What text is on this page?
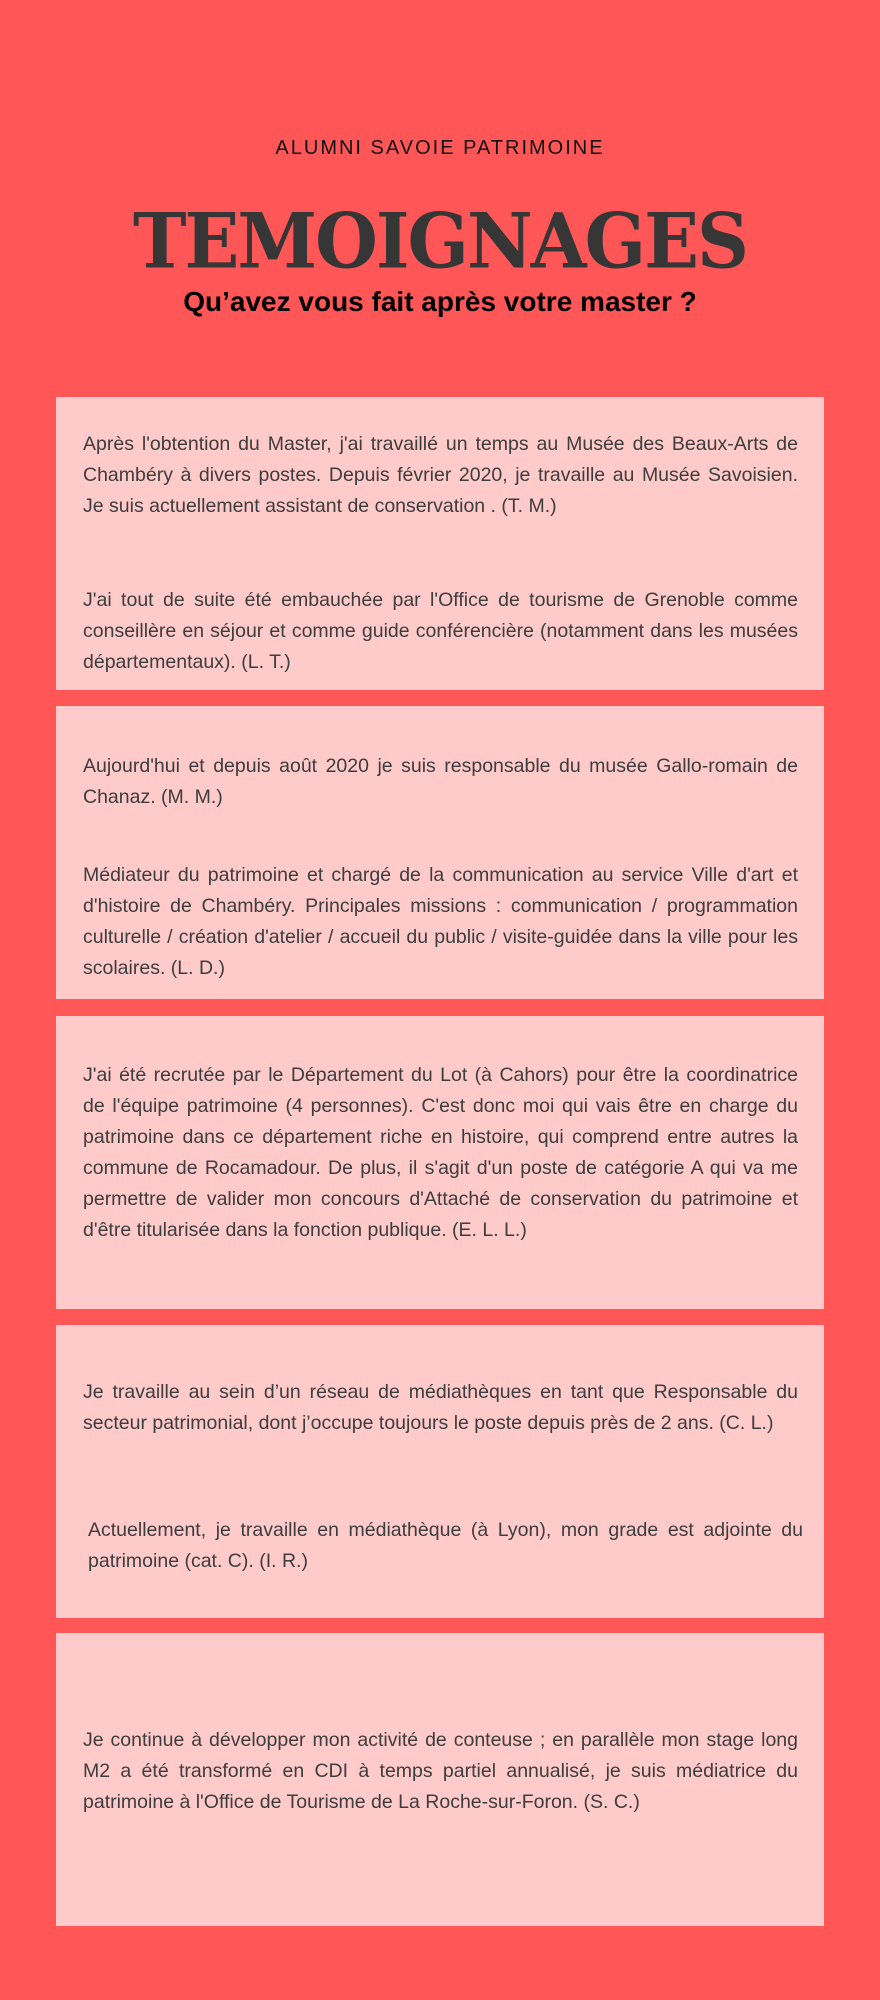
ALUMNI SAVOIE PATRIMOINE
TEMOIGNAGES
Qu’avez vous fait après votre master ?

Après l'obtention du Master, j'ai travaillé un temps au Musée des Beaux-Arts de Chambéry à divers postes. Depuis février 2020, je travaille au Musée Savoisien. Je suis actuellement assistant de conservation . (T. M.)

J'ai tout de suite été embauchée par l'Office de tourisme de Grenoble comme conseillère en séjour et comme guide conférencière (notamment dans les musées départementaux). (L. T.)

Aujourd'hui et depuis août 2020 je suis responsable du musée Gallo-romain de Chanaz. (M. M.)

Médiateur du patrimoine et chargé de la communication au service Ville d'art et d'histoire de Chambéry. Principales missions : communication / programmation culturelle / création d'atelier / accueil du public / visite-guidée dans la ville pour les scolaires. (L. D.)

J'ai été recrutée par le Département du Lot (à Cahors) pour être la coordinatrice de l'équipe patrimoine (4 personnes). C'est donc moi qui vais être en charge du patrimoine dans ce département riche en histoire, qui comprend entre autres la commune de Rocamadour. De plus, il s'agit d'un poste de catégorie A qui va me permettre de valider mon concours d'Attaché de conservation du patrimoine et d'être titularisée dans la fonction publique. (E. L. L.)

Je travaille au sein d’un réseau de médiathèques en tant que Responsable du secteur patrimonial, dont j’occupe toujours le poste depuis près de 2 ans. (C. L.)

Actuellement, je travaille en médiathèque (à Lyon), mon grade est adjointe du patrimoine (cat. C). (I. R.)

Je continue à développer mon activité de conteuse ; en parallèle mon stage long M2 a été transformé en CDI à temps partiel annualisé, je suis médiatrice du patrimoine à l'Office de Tourisme de La Roche-sur-Foron. (S. C.)
